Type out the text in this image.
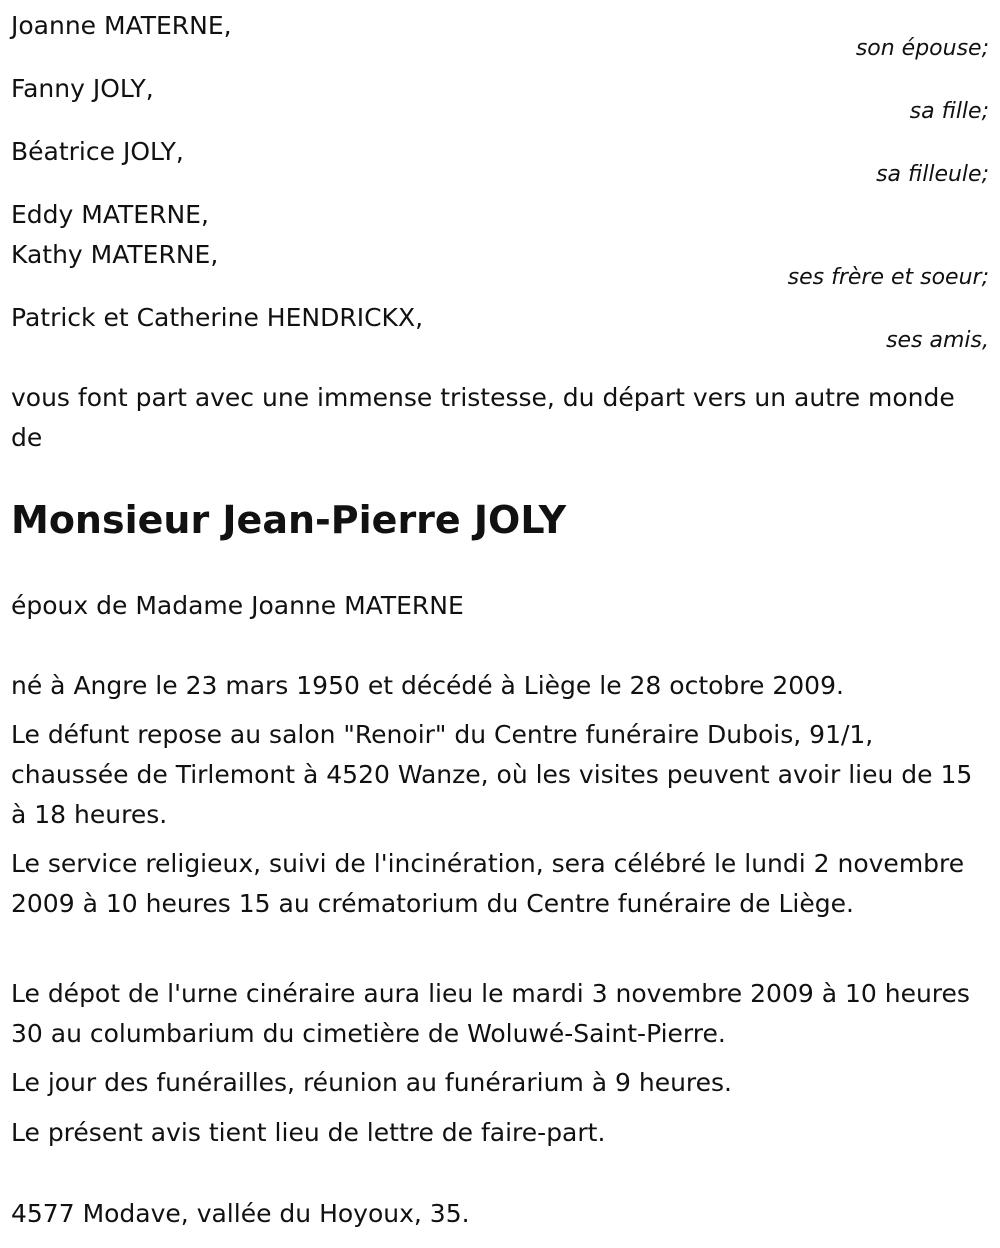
Joanne MATERNE,
son épouse;
Fanny JOLY,
sa fille;
Béatrice JOLY,
sa filleule;
Eddy MATERNE,
Kathy MATERNE,
ses frère et soeur;
Patrick et Catherine HENDRICKX,
ses amis,
vous font part avec une immense tristesse, du départ vers un autre monde de
Monsieur Jean-Pierre JOLY
époux de Madame Joanne MATERNE
né à Angre le 23 mars 1950 et décédé à Liège le 28 octobre 2009.
Le défunt repose au salon "Renoir" du Centre funéraire Dubois, 91/1, chaussée de Tirlemont à 4520 Wanze, où les visites peuvent avoir lieu de 15 à 18 heures.
Le service religieux, suivi de l'incinération, sera célébré le lundi 2 novembre 2009 à 10 heures 15 au crématorium du Centre funéraire de Liège.
Le dépot de l'urne cinéraire aura lieu le mardi 3 novembre 2009 à 10 heures 30 au columbarium du cimetière de Woluwé-Saint-Pierre.
Le jour des funérailles, réunion au funérarium à 9 heures.
Le présent avis tient lieu de lettre de faire-part.
4577 Modave, vallée du Hoyoux, 35.
